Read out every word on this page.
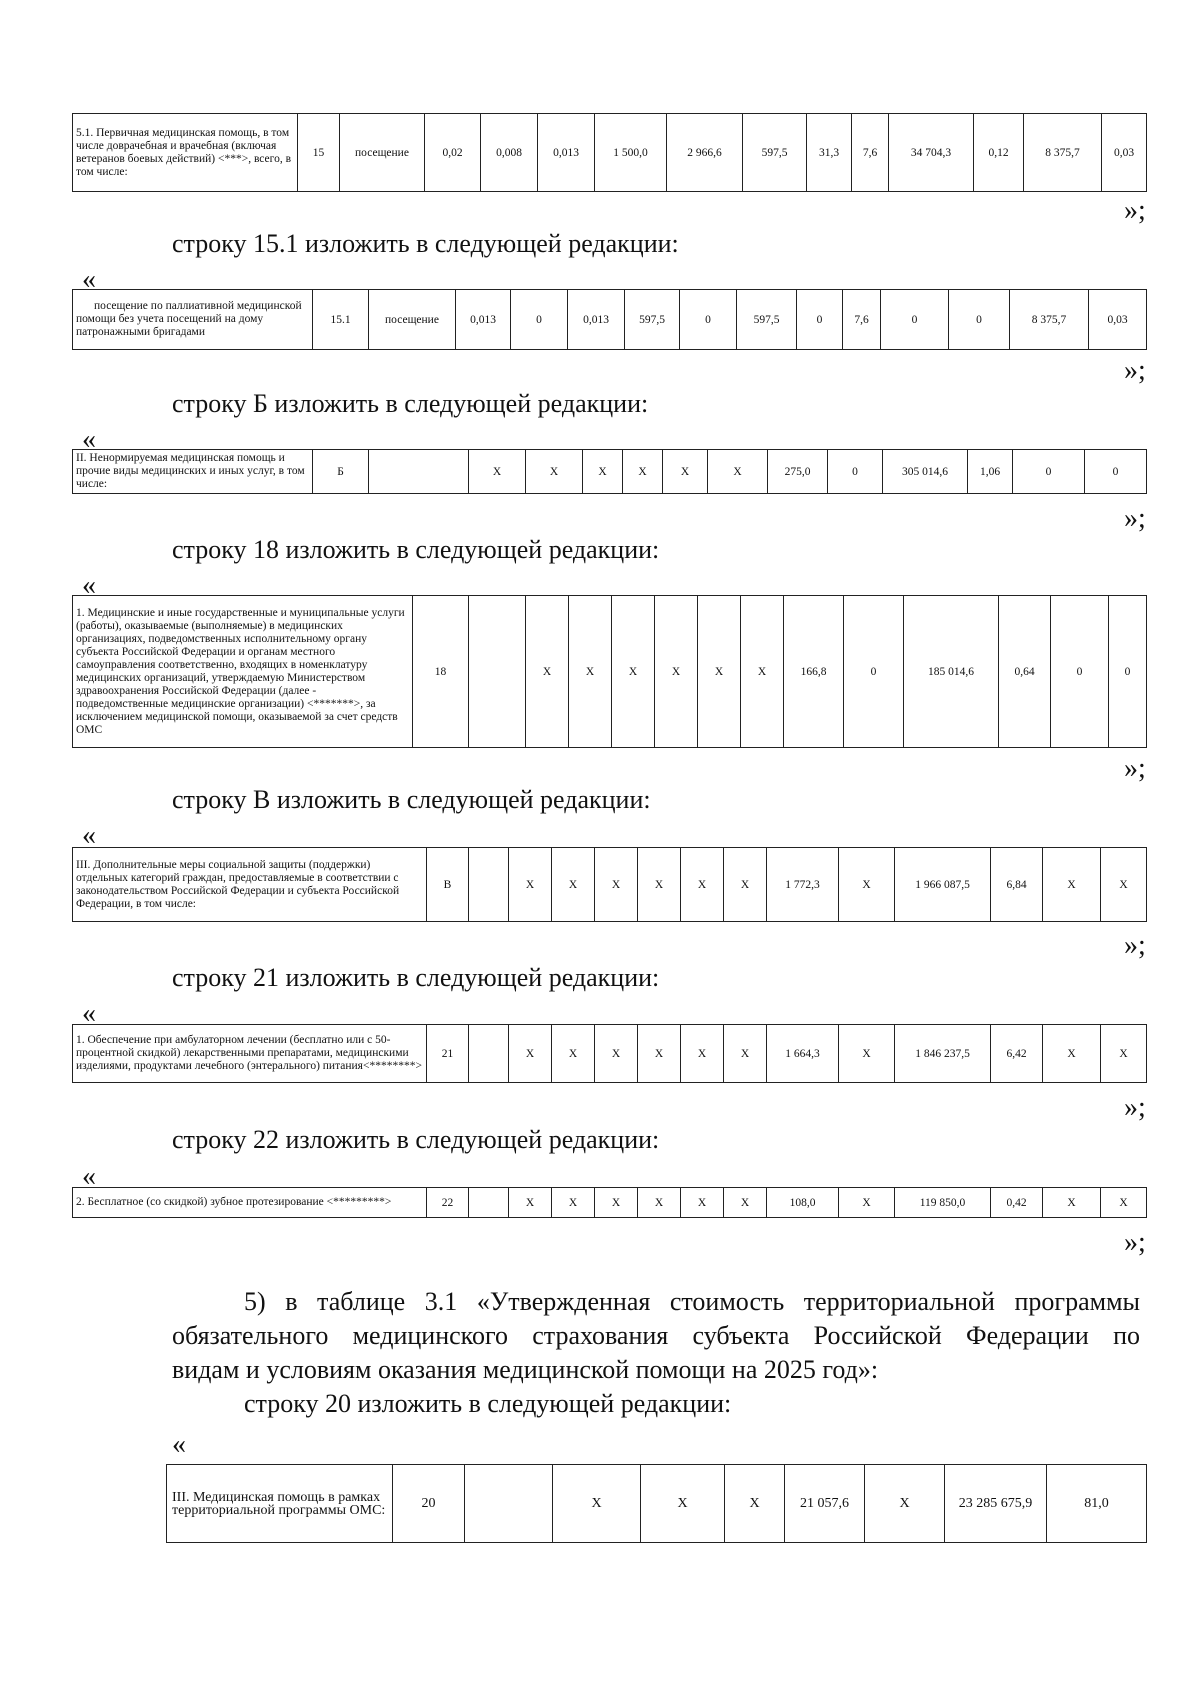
5.1. Первичная медицинская помощь, в том числе доврачебная и врачебная (включая ветеранов боевых действий) <***>, всего, в том числе:	15	посещение	0,02	0,008	0,013	1 500,0	2 966,6	597,5	31,3	7,6	34 704,3	0,12	8 375,7	0,03
»;
строку 15.1 изложить в следующей редакции:
«
посещение по паллиативной медицинской помощи без учета посещений на дому патронажными бригадами	15.1	посещение	0,013	0	0,013	597,5	0	597,5	0	7,6	0	0	8 375,7	0,03
»;
строку Б изложить в следующей редакции:
«
II. Ненормируемая медицинская помощь и прочие виды медицинских и иных услуг, в том числе:	Б		X	X	X	X	X	X	275,0	0	305 014,6	1,06	0	0
»;
строку 18 изложить в следующей редакции:
«
1. Медицинские и иные государственные и муниципальные услуги (работы), оказываемые (выполняемые) в медицинских организациях, подведомственных исполнительному органу субъекта Российской Федерации и органам местного самоуправления соответственно, входящих в номенклатуру медицинских организаций, утверждаемую Министерством здравоохранения Российской Федерации (далее - подведомственные медицинские организации) <*******>, за исключением медицинской помощи, оказываемой за счет средств ОМС	18		X	X	X	X	X	X	166,8	0	185 014,6	0,64	0	0
»;
строку В изложить в следующей редакции:
«
III. Дополнительные меры социальной защиты (поддержки) отдельных категорий граждан, предоставляемые в соответствии с законодательством Российской Федерации и субъекта Российской Федерации, в том числе:	В		X	X	X	X	X	X	1 772,3	X	1 966 087,5	6,84	X	X
»;
строку 21 изложить в следующей редакции:
«
1. Обеспечение при амбулаторном лечении (бесплатно или с 50-процентной скидкой) лекарственными препаратами, медицинскими изделиями, продуктами лечебного (энтерального) питания<********>	21		X	X	X	X	X	X	1 664,3	X	1 846 237,5	6,42	X	X
»;
строку 22 изложить в следующей редакции:
«
2. Бесплатное (со скидкой) зубное протезирование <*********>	22		X	X	X	X	X	X	108,0	X	119 850,0	0,42	X	X
»;
5) в таблице 3.1 «Утвержденная стоимость территориальной программы
обязательного медицинского страхования субъекта Российской Федерации по
видам и условиям оказания медицинской помощи на 2025 год»:
строку 20 изложить в следующей редакции:
«
III. Медицинская помощь в рамках территориальной программы ОМС:	20		X	X	X	21 057,6	X	23 285 675,9	81,0
